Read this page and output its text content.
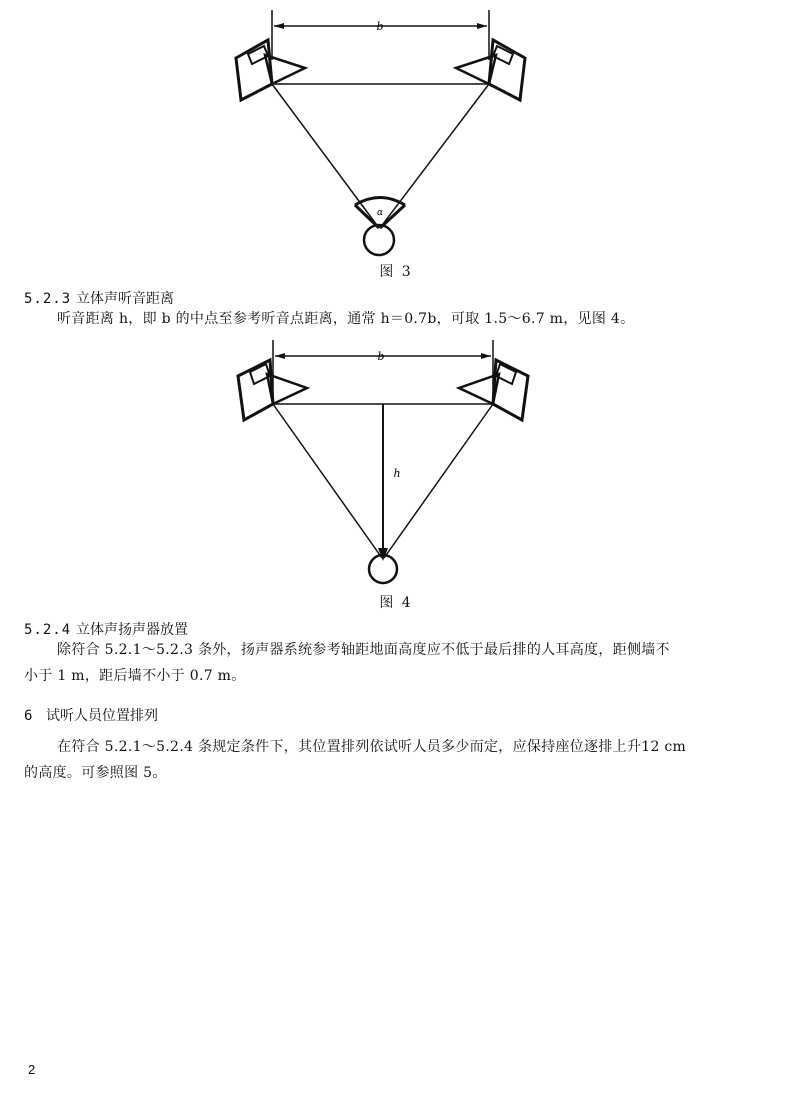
b
α
图 3
5.2.3 立体声听音距离
听音距离 h，即 b 的中点至参考听音点距离，通常 h＝0.7b，可取 1.5～6.7 m，见图 4。
b
h
图 4
5.2.4 立体声扬声器放置
除符合 5.2.1～5.2.3 条外，扬声器系统参考轴距地面高度应不低于最后排的人耳高度，距侧墙不
小于 1 m，距后墙不小于 0.7 m。
6 试听人员位置排列
在符合 5.2.1～5.2.4 条规定条件下，其位置排列依试听人员多少而定，应保持座位逐排上升12 cm
的高度。可参照图 5。
2
